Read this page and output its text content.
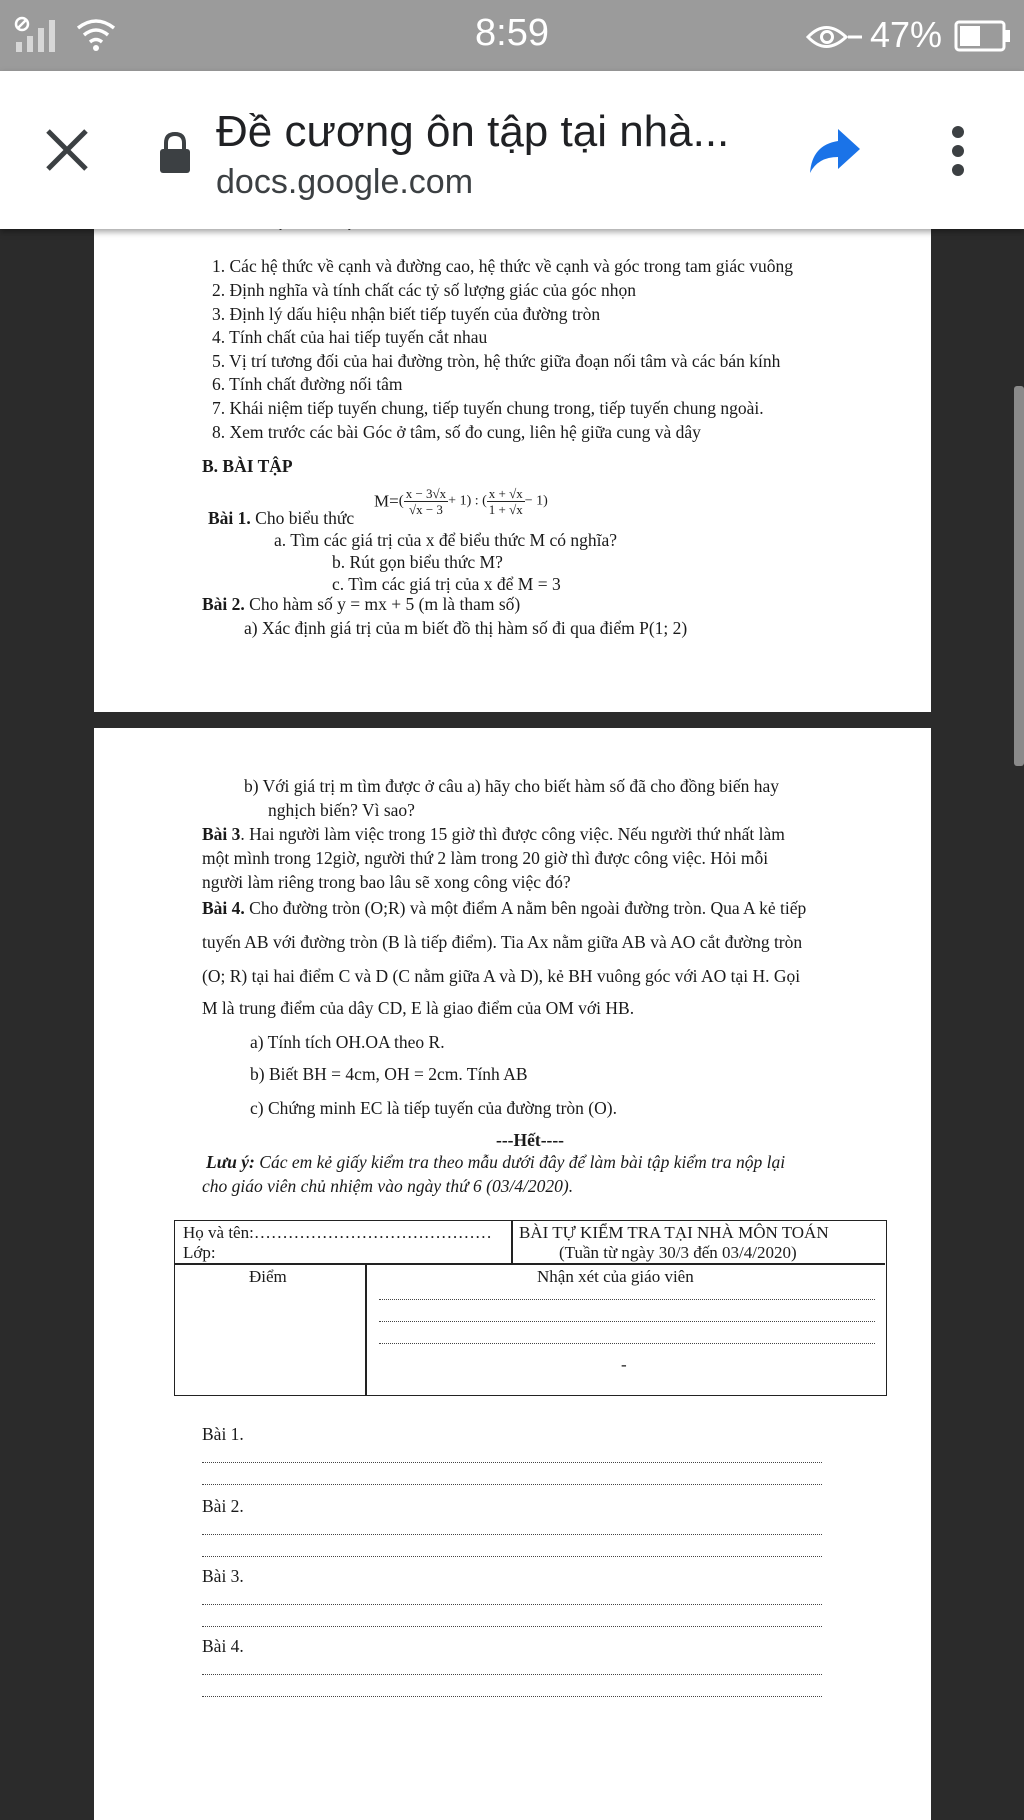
8:59	47%
Đề cương ôn tập tại nhà...
docs.google.com
1. Các hệ thức về cạnh và đường cao, hệ thức về cạnh và góc trong tam giác vuông
2. Định nghĩa và tính chất các tỷ số lượng giác của góc nhọn
3. Định lý dấu hiệu nhận biết tiếp tuyến của đường tròn
4. Tính chất của hai tiếp tuyến cắt nhau
5. Vị trí tương đối của hai đường tròn, hệ thức giữa đoạn nối tâm và các bán kính
6. Tính chất đường nối tâm
7. Khái niệm tiếp tuyến chung, tiếp tuyến chung trong, tiếp tuyến chung ngoài.
8. Xem trước các bài Góc ở tâm, số đo cung, liên hệ giữa cung và dây
B. BÀI TẬP
Bài 1. Cho biểu thức
$M=( \frac{x - 3√x}{√x - 3} + 1)$ : ( $\frac{x + √x}{1 + √x} - 1$)
a. Tìm các giá trị của x để biểu thức M có nghĩa?
b. Rút gọn biểu thức M?
c. Tìm các giá trị của x để M = 3
Bài 2. Cho hàm số y = mx + 5 (m là tham số)
a) Xác định giá trị của m biết đồ thị hàm số đi qua điểm P(1; 2)
b) Với giá trị m tìm được ở câu a) hãy cho biết hàm số đã cho đồng biến hay
nghịch biến? Vì sao?
Bài 3. Hai người làm việc trong 15 giờ thì được công việc. Nếu người thứ nhất làm
một mình trong 12giờ, người thứ 2 làm trong 20 giờ thì được công việc. Hỏi mỗi
người làm riêng trong bao lâu sẽ xong công việc đó?
Bài 4. Cho đường tròn (O;R) và một điểm A nằm bên ngoài đường tròn. Qua A kẻ tiếp
tuyến AB với đường tròn (B là tiếp điểm). Tia Ax nằm giữa AB và AO cắt đường tròn
(O; R) tại hai điểm C và D (C nằm giữa A và D), kẻ BH vuông góc với AO tại H. Gọi
M là trung điểm của dây CD, E là giao điểm của OM với HB.
a) Tính tích OH.OA theo R.
b) Biết BH = 4cm, OH = 2cm. Tính AB
c) Chứng minh EC là tiếp tuyến của đường tròn (O).
---Hết----
Lưu ý: Các em kẻ giấy kiểm tra theo mẫu dưới đây để làm bài tập kiểm tra nộp lại
cho giáo viên chủ nhiệm vào ngày thứ 6 (03/4/2020).
Họ và tên:……………………………………
Lớp:
BÀI TỰ KIỂM TRA TẠI NHÀ MÔN TOÁN
(Tuần từ ngày 30/3 đến 03/4/2020)
Điểm	Nhận xét của giáo viên
-
Bài 1.
Bài 2.
Bài 3.
Bài 4.
